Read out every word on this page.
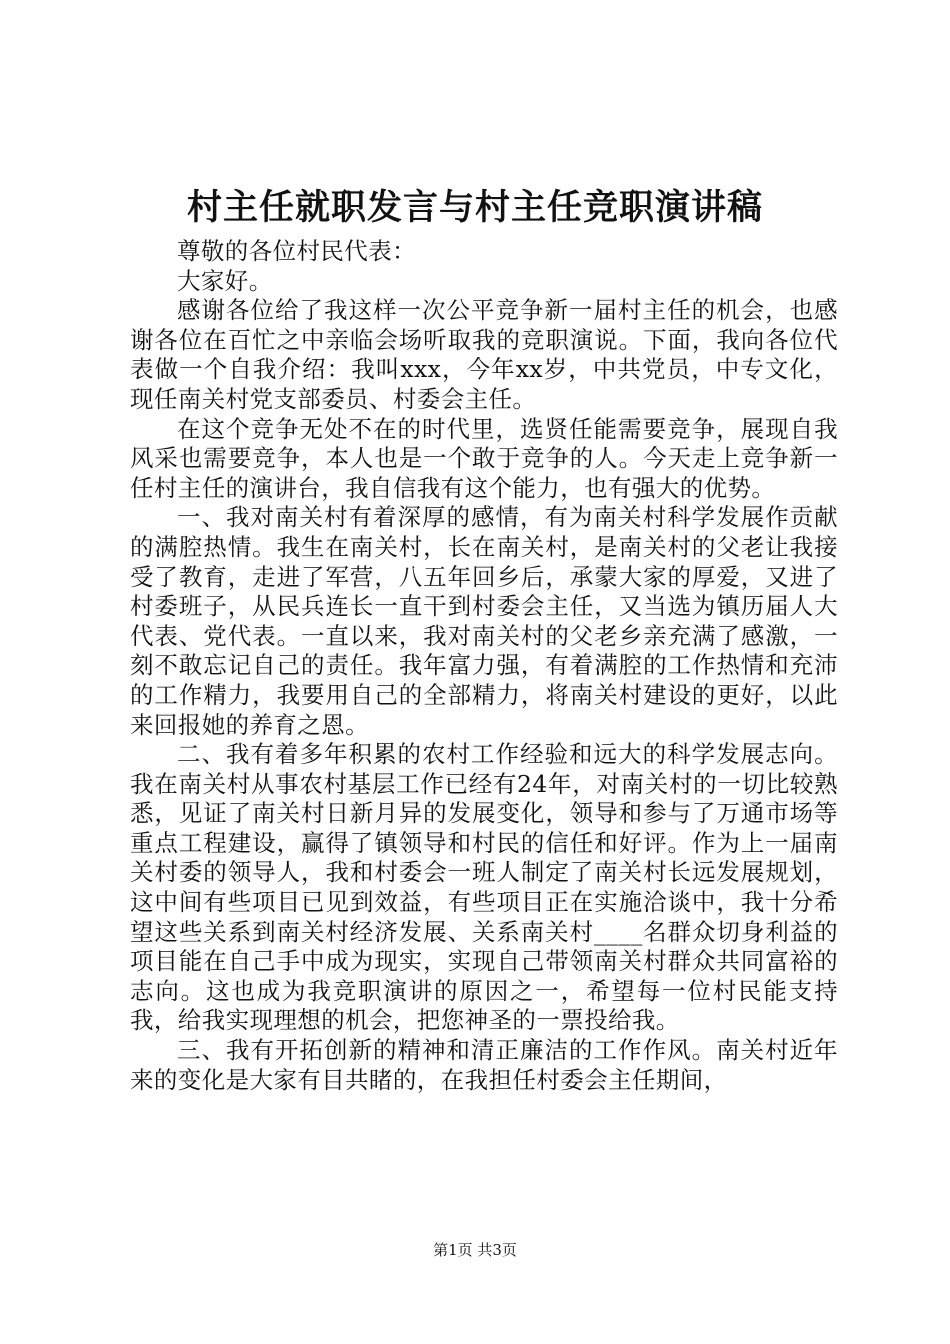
村主任就职发言与村主任竞职演讲稿

尊敬的各位村民代表：

大家好。

感谢各位给了我这样一次公平竞争新一届村主任的机会，也感谢各位在百忙之中亲临会场听取我的竞职演说。下面，我向各位代表做一个自我介绍：我叫xxx，今年xx岁，中共党员，中专文化，现任南关村党支部委员、村委会主任。

在这个竞争无处不在的时代里，选贤任能需要竞争，展现自我风采也需要竞争，本人也是一个敢于竞争的人。今天走上竞争新一任村主任的演讲台，我自信我有这个能力，也有强大的优势。

一、我对南关村有着深厚的感情，有为南关村科学发展作贡献的满腔热情。我生在南关村，长在南关村，是南关村的父老让我接受了教育，走进了军营，八五年回乡后，承蒙大家的厚爱，又进了村委班子，从民兵连长一直干到村委会主任，又当选为镇历届人大代表、党代表。一直以来，我对南关村的父老乡亲充满了感激，一刻不敢忘记自己的责任。我年富力强，有着满腔的工作热情和充沛的工作精力，我要用自己的全部精力，将南关村建设的更好，以此来回报她的养育之恩。

二、我有着多年积累的农村工作经验和远大的科学发展志向。我在南关村从事农村基层工作已经有24年，对南关村的一切比较熟悉，见证了南关村日新月异的发展变化，领导和参与了万通市场等重点工程建设，赢得了镇领导和村民的信任和好评。作为上一届南关村委的领导人，我和村委会一班人制定了南关村长远发展规划，这中间有些项目已见到效益，有些项目正在实施洽谈中，我十分希望这些关系到南关村经济发展、关系南关村____名群众切身利益的项目能在自己手中成为现实，实现自己带领南关村群众共同富裕的志向。这也成为我竞职演讲的原因之一，希望每一位村民能支持我，给我实现理想的机会，把您神圣的一票投给我。

三、我有开拓创新的精神和清正廉洁的工作作风。南关村近年来的变化是大家有目共睹的，在我担任村委会主任期间，

第1页 共3页
